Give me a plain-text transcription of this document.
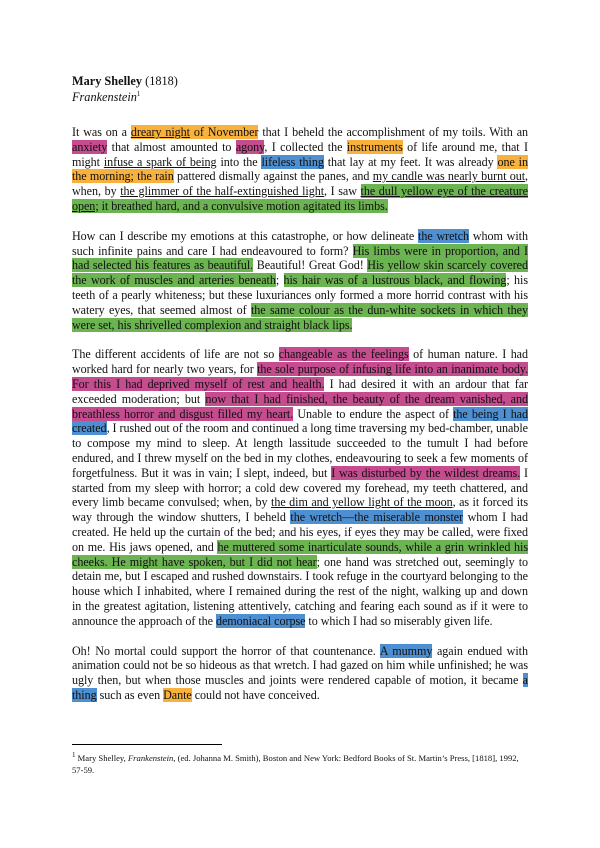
Mary Shelley (1818)
Frankenstein$^1$

It was on a dreary night of November that I beheld the accomplishment of my toils. With an anxiety that almost amounted to agony, I collected the instruments of life around me, that I might infuse a spark of being into the lifeless thing that lay at my feet. It was already one in the morning; the rain pattered dismally against the panes, and my candle was nearly burnt out, when, by the glimmer of the half-extinguished light, I saw the dull yellow eye of the creature open; it breathed hard, and a convulsive motion agitated its limbs.

How can I describe my emotions at this catastrophe, or how delineate the wretch whom with such infinite pains and care I had endeavoured to form? His limbs were in proportion, and I had selected his features as beautiful. Beautiful! Great God! His yellow skin scarcely covered the work of muscles and arteries beneath; his hair was of a lustrous black, and flowing; his teeth of a pearly whiteness; but these luxuriances only formed a more horrid contrast with his watery eyes, that seemed almost of the same colour as the dun-white sockets in which they were set, his shrivelled complexion and straight black lips.

The different accidents of life are not so changeable as the feelings of human nature. I had worked hard for nearly two years, for the sole purpose of infusing life into an inanimate body. For this I had deprived myself of rest and health. I had desired it with an ardour that far exceeded moderation; but now that I had finished, the beauty of the dream vanished, and breathless horror and disgust filled my heart. Unable to endure the aspect of the being I had created, I rushed out of the room and continued a long time traversing my bed-chamber, unable to compose my mind to sleep. At length lassitude succeeded to the tumult I had before endured, and I threw myself on the bed in my clothes, endeavouring to seek a few moments of forgetfulness. But it was in vain; I slept, indeed, but I was disturbed by the wildest dreams. I started from my sleep with horror; a cold dew covered my forehead, my teeth chattered, and every limb became convulsed; when, by the dim and yellow light of the moon, as it forced its way through the window shutters, I beheld the wretch—the miserable monster whom I had created. He held up the curtain of the bed; and his eyes, if eyes they may be called, were fixed on me. His jaws opened, and he muttered some inarticulate sounds, while a grin wrinkled his cheeks. He might have spoken, but I did not hear; one hand was stretched out, seemingly to detain me, but I escaped and rushed downstairs. I took refuge in the courtyard belonging to the house which I inhabited, where I remained during the rest of the night, walking up and down in the greatest agitation, listening attentively, catching and fearing each sound as if it were to announce the approach of the demoniacal corpse to which I had so miserably given life.

Oh! No mortal could support the horror of that countenance. A mummy again endued with animation could not be so hideous as that wretch. I had gazed on him while unfinished; he was ugly then, but when those muscles and joints were rendered capable of motion, it became a thing such as even Dante could not have conceived.

$^1$ Mary Shelley, Frankenstein, (ed. Johanna M. Smith), Boston and New York: Bedford Books of St. Martin’s Press, [1818], 1992, 57-59.
